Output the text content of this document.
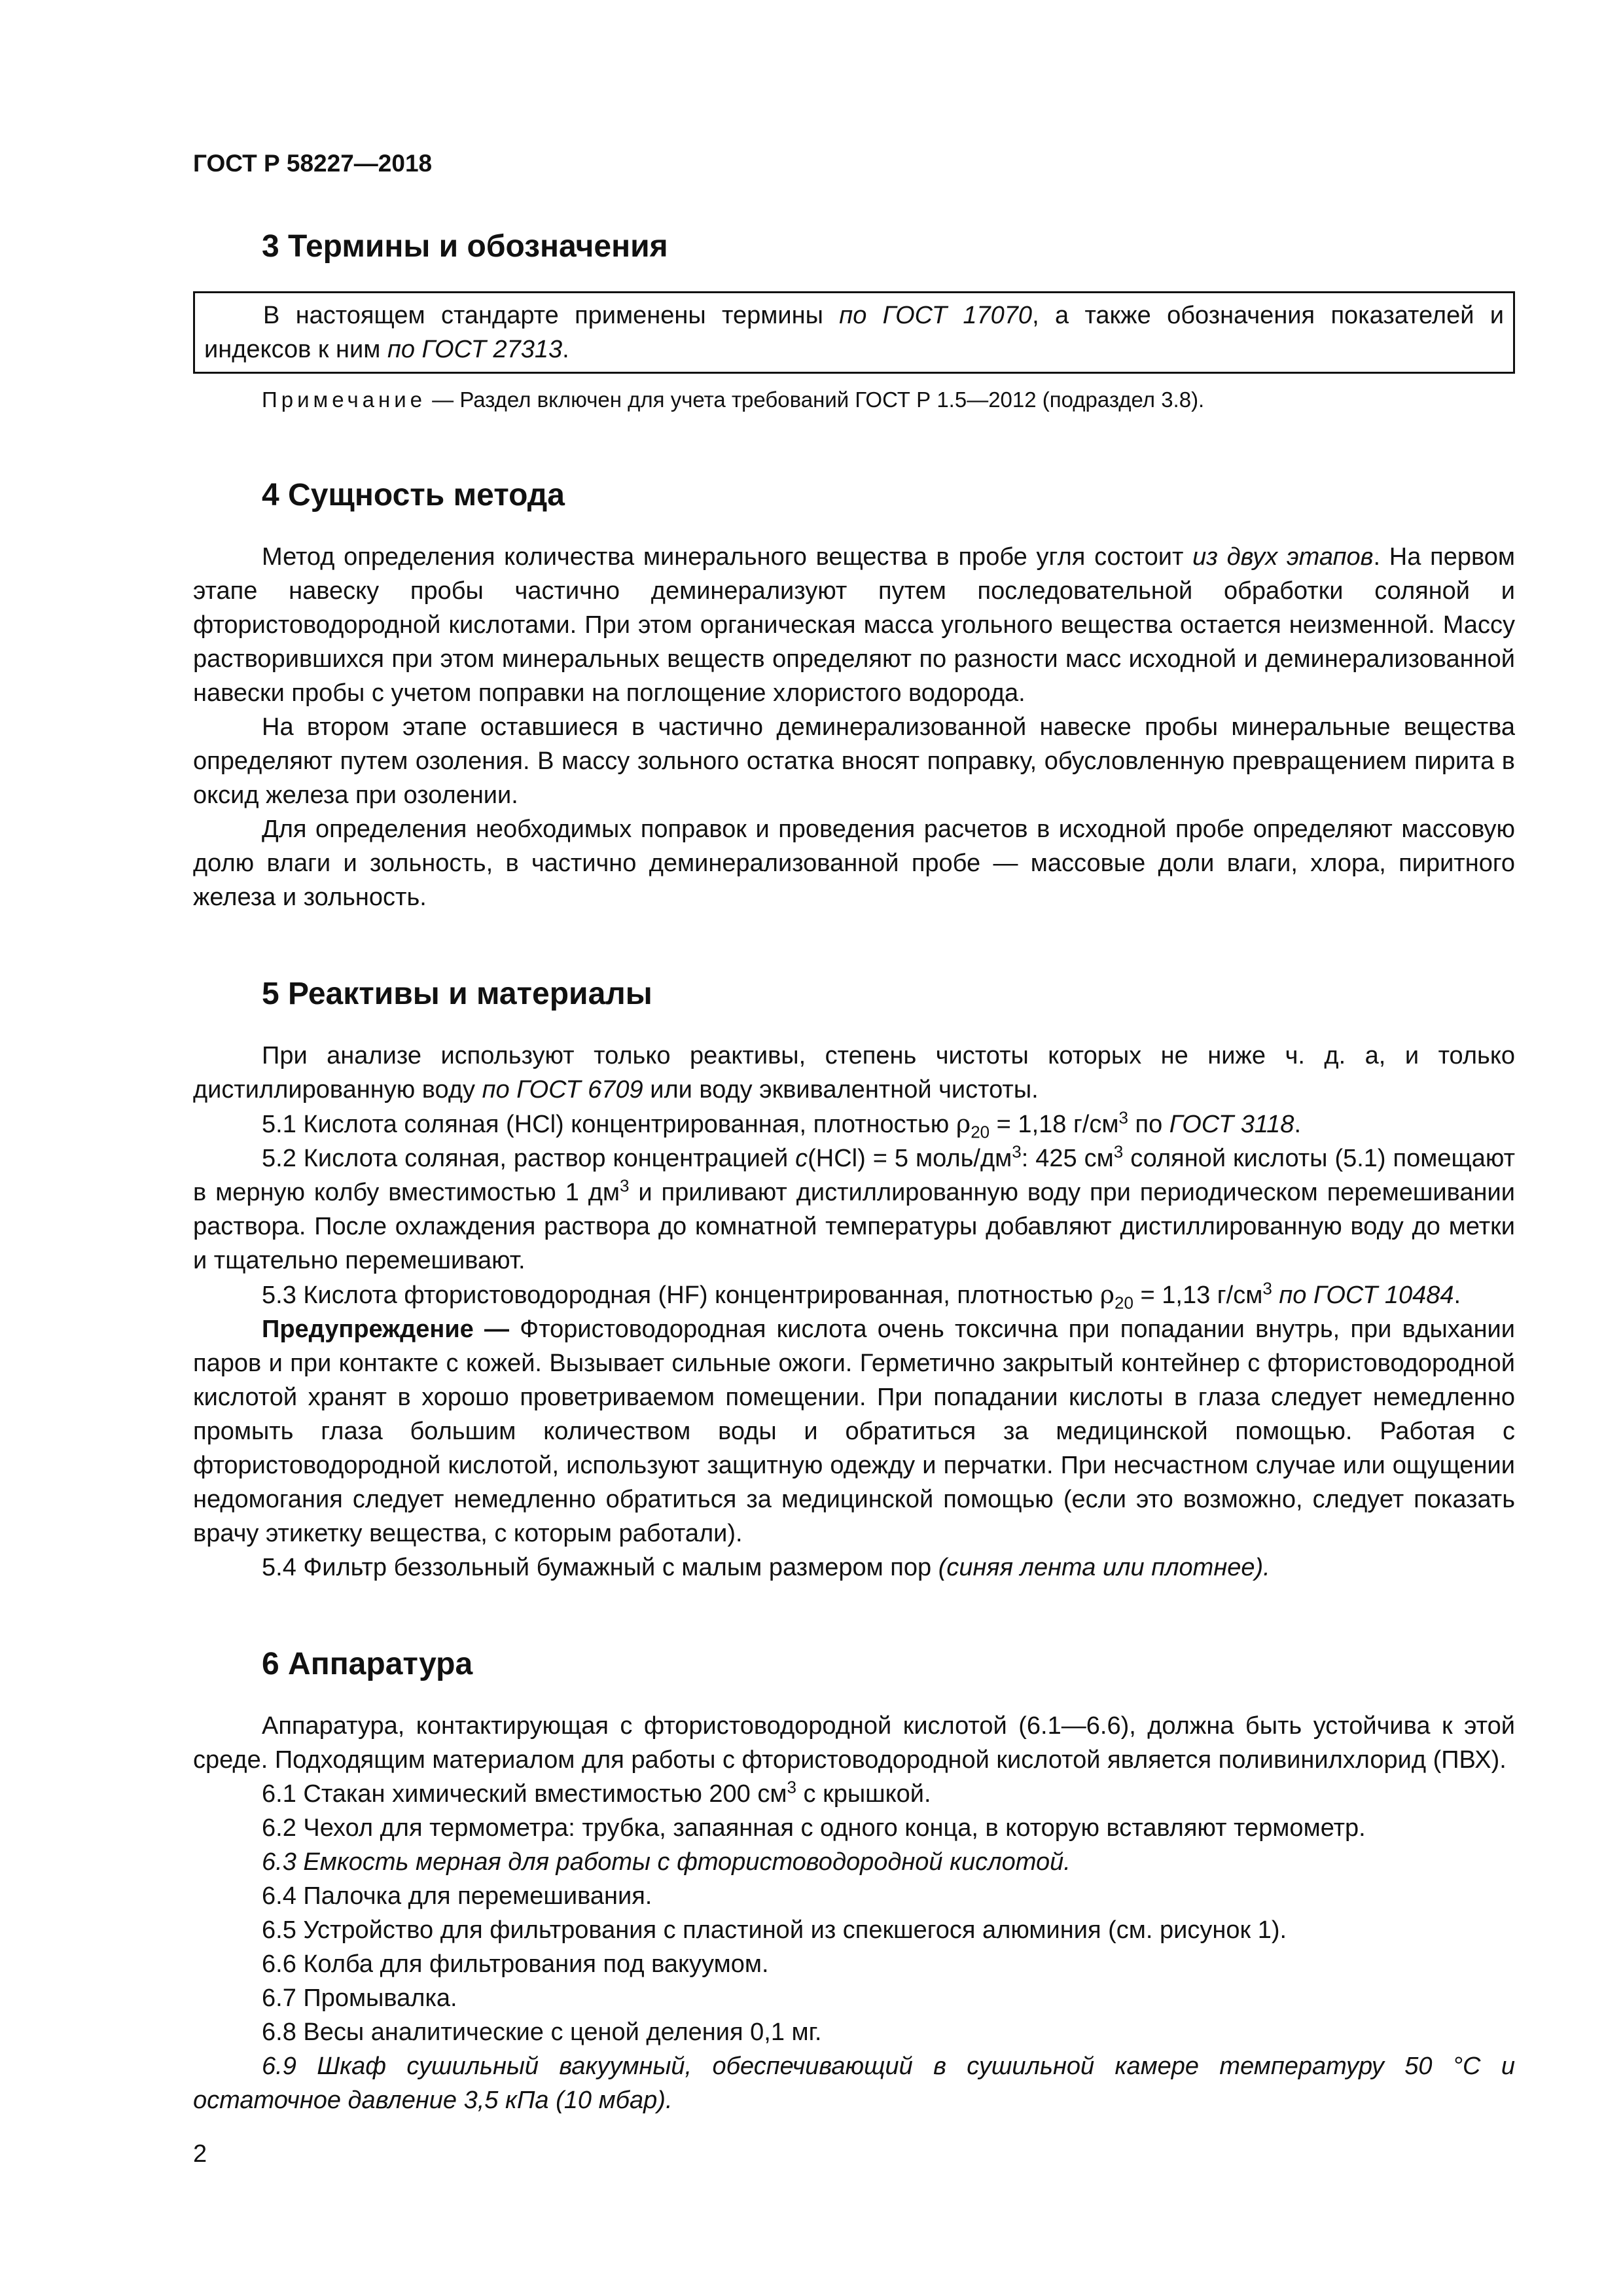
ГОСТ Р 58227—2018
3 Термины и обозначения

В настоящем стандарте применены термины по ГОСТ 17070, а также обозначения показателей и индексов к ним по ГОСТ 27313.

Примечание — Раздел включен для учета требований ГОСТ Р 1.5—2012 (подраздел 3.8).
4 Сущность метода

Метод определения количества минерального вещества в пробе угля состоит из двух этапов. На первом этапе навеску пробы частично деминерализуют путем последовательной обработки соляной и фтористоводородной кислотами. При этом органическая масса угольного вещества остается неизменной. Массу растворившихся при этом минеральных веществ определяют по разности масс исходной и деминерализованной навески пробы с учетом поправки на поглощение хлористого водорода.

На втором этапе оставшиеся в частично деминерализованной навеске пробы минеральные вещества определяют путем озоления. В массу зольного остатка вносят поправку, обусловленную превращением пирита в оксид железа при озолении.

Для определения необходимых поправок и проведения расчетов в исходной пробе определяют массовую долю влаги и зольность, в частично деминерализованной пробе — массовые доли влаги, хлора, пиритного железа и зольность.

5 Реактивы и материалы

При анализе используют только реактивы, степень чистоты которых не ниже ч. д. а, и только дистиллированную воду по ГОСТ 6709 или воду эквивалентной чистоты.

5.1 Кислота соляная (HCl) концентрированная, плотностью $\rho_{20} = 1,18$ $г/см^3$ по ГОСТ 3118.

5.2 Кислота соляная, раствор концентрацией c(HCl) = 5 моль/$дм^3$: 425 $см^3$ соляной кислоты (5.1) помещают в мерную колбу вместимостью 1 $дм^3$ и приливают дистиллированную воду при периодическом перемешивании раствора. После охлаждения раствора до комнатной температуры добавляют дистиллированную воду до метки и тщательно перемешивают.

5.3 Кислота фтористоводородная (HF) концентрированная, плотностью $\rho_{20} = 1,13$ $г/см^3$ по ГОСТ 10484.

Предупреждение — Фтористоводородная кислота очень токсична при попадании внутрь, при вдыхании паров и при контакте с кожей. Вызывает сильные ожоги. Герметично закрытый контейнер с фтористоводородной кислотой хранят в хорошо проветриваемом помещении. При попадании кислоты в глаза следует немедленно промыть глаза большим количеством воды и обратиться за медицинской помощью. Работая с фтористоводородной кислотой, используют защитную одежду и перчатки. При несчастном случае или ощущении недомогания следует немедленно обратиться за медицинской помощью (если это возможно, следует показать врачу этикетку вещества, с которым работали).

5.4 Фильтр беззольный бумажный с малым размером пор (синяя лента или плотнее).

6 Аппаратура

Аппаратура, контактирующая с фтористоводородной кислотой (6.1—6.6), должна быть устойчива к этой среде. Подходящим материалом для работы с фтористоводородной кислотой является поливинилхлорид (ПВХ).

6.1 Стакан химический вместимостью 200 $см^3$ с крышкой.

6.2 Чехол для термометра: трубка, запаянная с одного конца, в которую вставляют термометр.

6.3 Емкость мерная для работы с фтористоводородной кислотой.

6.4 Палочка для перемешивания.

6.5 Устройство для фильтрования с пластиной из спекшегося алюминия (см. рисунок 1).

6.6 Колба для фильтрования под вакуумом.

6.7 Промывалка.

6.8 Весы аналитические с ценой деления 0,1 мг.

6.9 Шкаф сушильный вакуумный, обеспечивающий в сушильной камере температуру 50 °С и остаточное давление 3,5 кПа (10 мбар).

2
